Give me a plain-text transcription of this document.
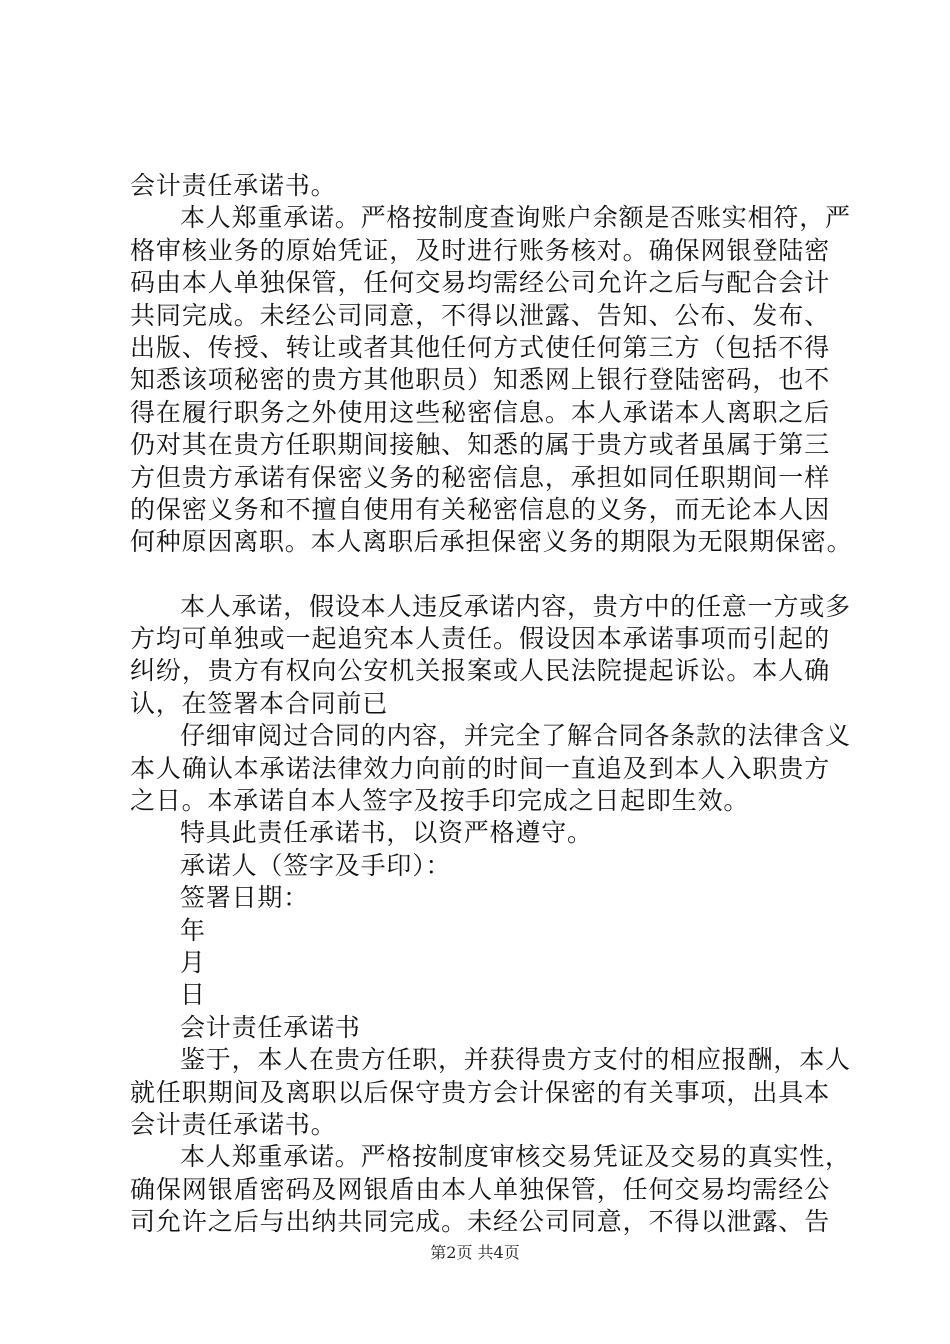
会计责任承诺书。
本人郑重承诺。严格按制度查询账户余额是否账实相符，严
格审核业务的原始凭证，及时进行账务核对。确保网银登陆密
码由本人单独保管，任何交易均需经公司允许之后与配合会计
共同完成。未经公司同意，不得以泄露、告知、公布、发布、
出版、传授、转让或者其他任何方式使任何第三方（包括不得
知悉该项秘密的贵方其他职员）知悉网上银行登陆密码，也不
得在履行职务之外使用这些秘密信息。本人承诺本人离职之后
仍对其在贵方任职期间接触、知悉的属于贵方或者虽属于第三
方但贵方承诺有保密义务的秘密信息，承担如同任职期间一样
的保密义务和不擅自使用有关秘密信息的义务，而无论本人因
何种原因离职。本人离职后承担保密义务的期限为无限期保密。
本人承诺，假设本人违反承诺内容，贵方中的任意一方或多
方均可单独或一起追究本人责任。假设因本承诺事项而引起的
纠纷，贵方有权向公安机关报案或人民法院提起诉讼。本人确
认，在签署本合同前已
仔细审阅过合同的内容，并完全了解合同各条款的法律含义
本人确认本承诺法律效力向前的时间一直追及到本人入职贵方
之日。本承诺自本人签字及按手印完成之日起即生效。
特具此责任承诺书，以资严格遵守。
承诺人（签字及手印）：
签署日期：
年
月
日
会计责任承诺书
鉴于，本人在贵方任职，并获得贵方支付的相应报酬，本人
就任职期间及离职以后保守贵方会计保密的有关事项，出具本
会计责任承诺书。
本人郑重承诺。严格按制度审核交易凭证及交易的真实性，
确保网银盾密码及网银盾由本人单独保管，任何交易均需经公
司允许之后与出纳共同完成。未经公司同意，不得以泄露、告
第2页 共4页
